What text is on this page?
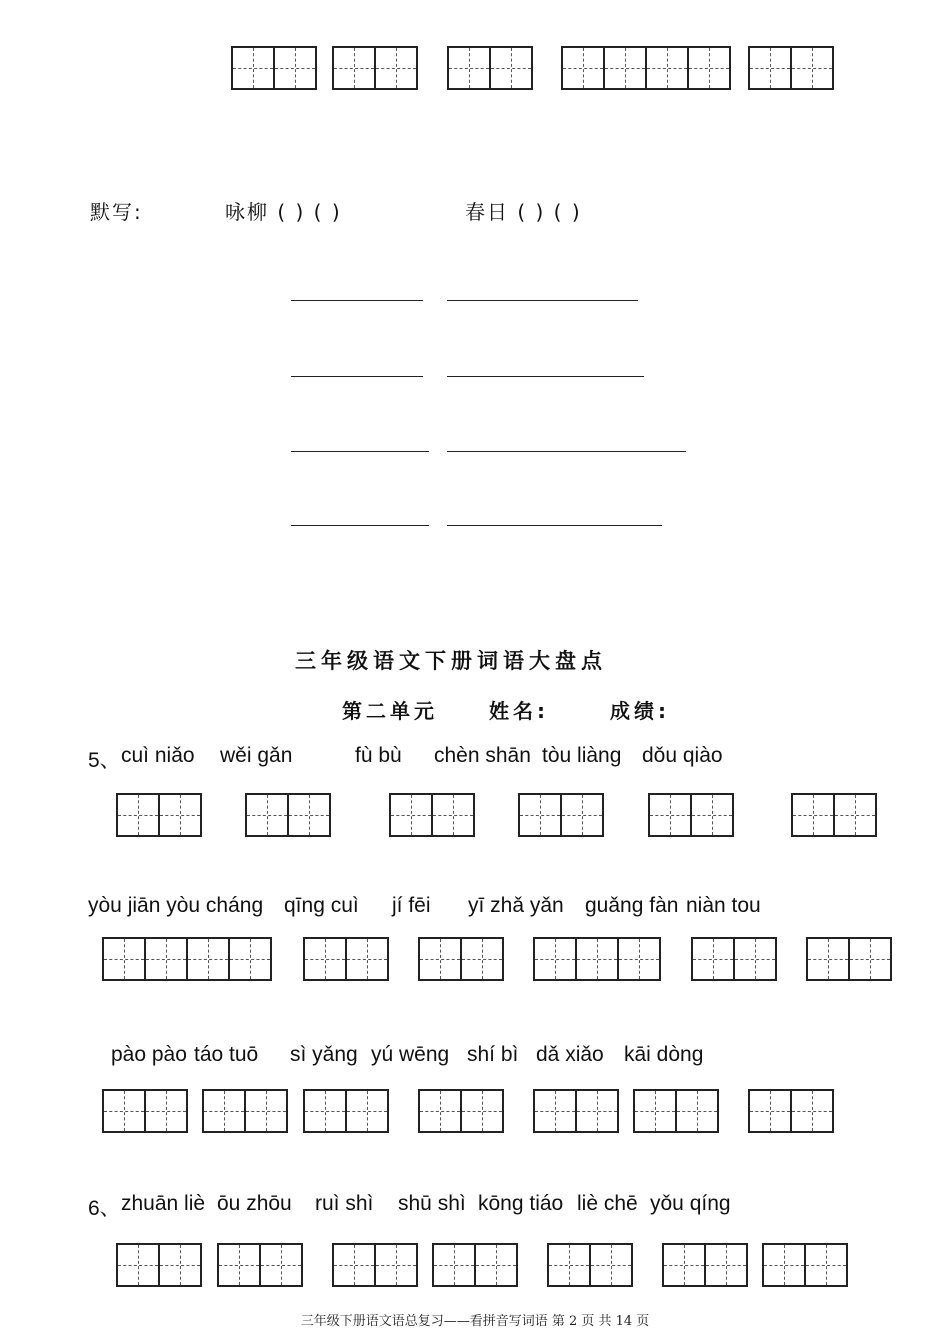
默写:	咏柳 ( ) ( )	春日 ( ) ( )
三年级语文下册词语大盘点
第二单元	姓名:	成绩:
5、 cuì niǎo wěi gǎn	fù bù chèn shān tòu liàng dǒu qiào
yòu jiān yòu cháng qīng cuì jí fēi yī zhǎ yǎn guǎng fàn niàn tou
pào pào táo tuō sì yǎng yú wēng shí bì dǎ xiǎo kāi dòng
6、 zhuān liè ōu zhōu ruì shì shū shì kōng tiáo liè chē yǒu qíng
三年级下册语文语总复习——看拼音写词语 第 2 页 共 14 页
